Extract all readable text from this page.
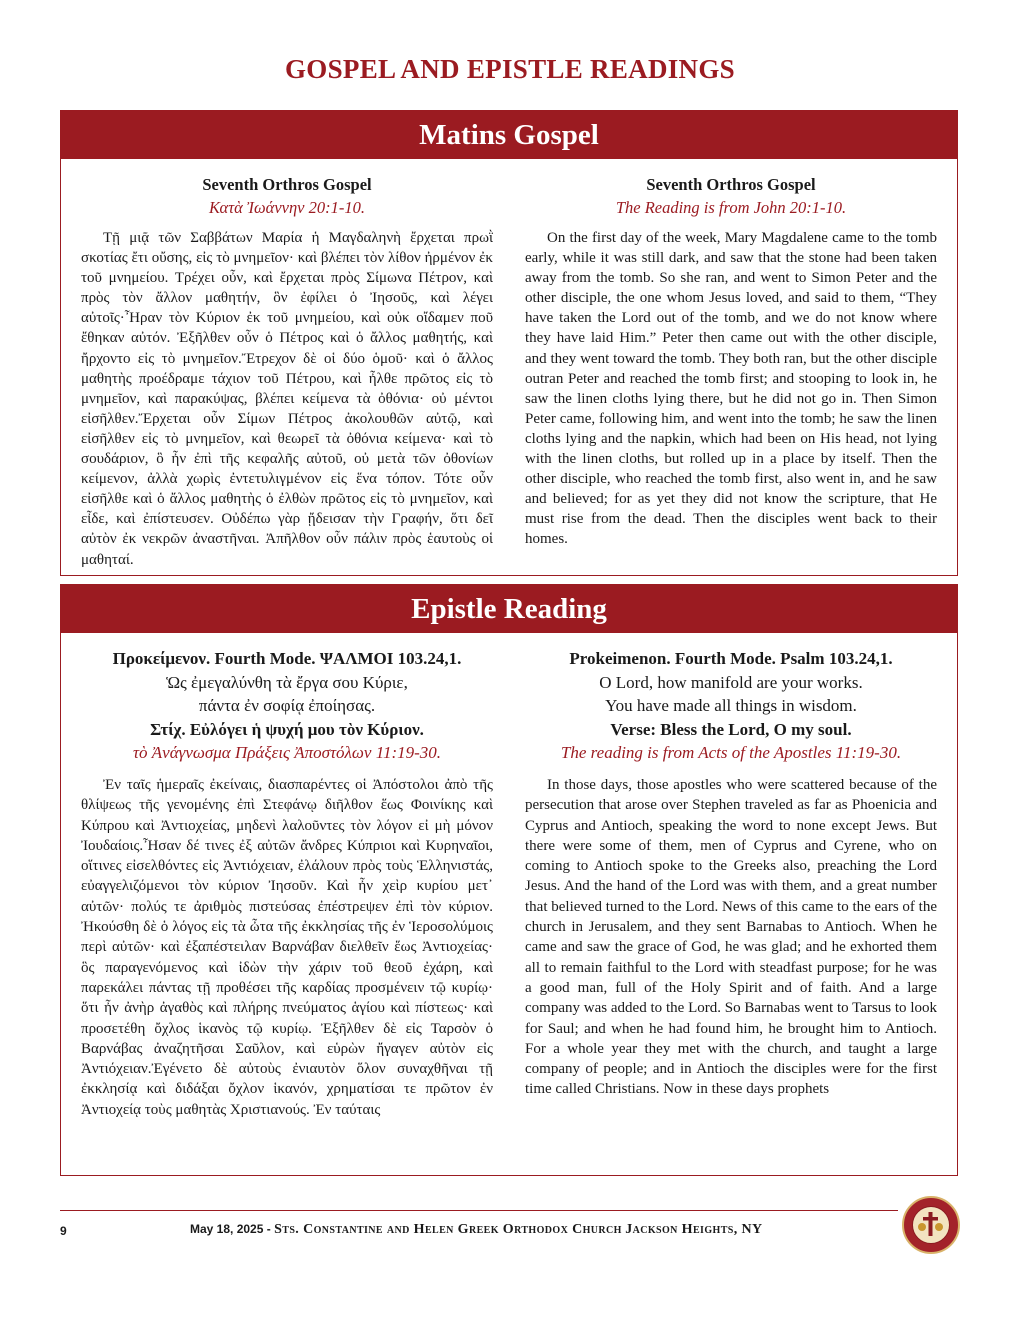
GOSPEL AND EPISTLE READINGS
Matins Gospel
Seventh Orthros Gospel
Κατὰ Ἰωάννην 20:1-10.
Τῇ μιᾷ τῶν Σαββάτων Μαρία ἡ Μαγδαληνὴ ἔρχεται πρωῒ σκοτίας ἔτι οὔσης, εἰς τὸ μνημεῖον· καὶ βλέπει τὸν λίθον ἠρμένον ἐκ τοῦ μνημείου. Τρέχει οὖν, καὶ ἔρχεται πρὸς Σίμωνα Πέτρον, καὶ πρὸς τὸν ἄλλον μαθητήν, ὃν ἐφίλει ὁ Ἰησοῦς, καὶ λέγει αὐτοῖς·Ἦραν τὸν Κύριον ἐκ τοῦ μνημείου, καὶ οὐκ οἴδαμεν ποῦ ἔθηκαν αὐτόν. Ἐξῆλθεν οὖν ὁ Πέτρος καὶ ὁ ἄλλος μαθητής, καὶ ἤρχοντο εἰς τὸ μνημεῖον.Ἔτρεχον δὲ οἱ δύο ὁμοῦ· καὶ ὁ ἄλλος μαθητὴς προέδραμε τάχιον τοῦ Πέτρου, καὶ ἦλθε πρῶτος εἰς τὸ μνημεῖον, καὶ παρακύψας, βλέπει κείμενα τὰ ὀθόνια· οὐ μέντοι εἰσῆλθεν.Ἔρχεται οὖν Σίμων Πέτρος ἀκολουθῶν αὐτῷ, καὶ εἰσῆλθεν εἰς τὸ μνημεῖον, καὶ θεωρεῖ τὰ ὀθόνια κείμενα· καὶ τὸ σουδάριον, ὃ ἦν ἐπὶ τῆς κεφαλῆς αὐτοῦ, οὐ μετὰ τῶν ὀθονίων κείμενον, ἀλλὰ χωρὶς ἐντετυλιγμένον εἰς ἕνα τόπον. Τότε οὖν εἰσῆλθε καὶ ὁ ἄλλος μαθητὴς ὁ ἐλθὼν πρῶτος εἰς τὸ μνημεῖον, καὶ εἶδε, καὶ ἐπίστευσεν. Οὐδέπω γὰρ ᾔδεισαν τὴν Γραφήν, ὅτι δεῖ αὐτὸν ἐκ νεκρῶν ἀναστῆναι. Ἀπῆλθον οὖν πάλιν πρὸς ἑαυτοὺς οἱ μαθηταί.
Seventh Orthros Gospel
The Reading is from John 20:1-10.
On the first day of the week, Mary Magdalene came to the tomb early, while it was still dark, and saw that the stone had been taken away from the tomb. So she ran, and went to Simon Peter and the other disciple, the one whom Jesus loved, and said to them, “They have taken the Lord out of the tomb, and we do not know where they have laid Him.” Peter then came out with the other disciple, and they went toward the tomb. They both ran, but the other disciple outran Peter and reached the tomb first; and stooping to look in, he saw the linen cloths lying there, but he did not go in. Then Simon Peter came, following him, and went into the tomb; he saw the linen cloths lying and the napkin, which had been on His head, not lying with the linen cloths, but rolled up in a place by itself. Then the other disciple, who reached the tomb first, also went in, and he saw and believed; for as yet they did not know the scripture, that He must rise from the dead. Then the disciples went back to their homes.
Epistle Reading
Προκείμενον. Fourth Mode. ΨΑΛΜΟΙ 103.24,1.
Ὡς ἐμεγαλύνθη τὰ ἔργα σου Κύριε,
πάντα ἐν σοφίᾳ ἐποίησας.
Στίχ. Εὐλόγει ἡ ψυχή μου τὸν Κύριον.
τὸ Ἀνάγνωσμα Πράξεις Ἀποστόλων 11:19-30.
Ἐν ταῖς ἡμεραῖς ἐκείναις, διασπαρέντες οἱ Ἀπόστολοι ἀπὸ τῆς θλίψεως τῆς γενομένης ἐπὶ Στεφάνῳ διῆλθον ἕως Φοινίκης καὶ Κύπρου καὶ Ἀντιοχείας, μηδενὶ λαλοῦντες τὸν λόγον εἰ μὴ μόνον Ἰουδαίοις.Ἦσαν δέ τινες ἐξ αὐτῶν ἄνδρες Κύπριοι καὶ Κυρηναῖοι, οἵτινες εἰσελθόντες εἰς Ἀντιόχειαν, ἐλάλουν πρὸς τοὺς Ἑλληνιστάς, εὐαγγελιζόμενοι τὸν κύριον Ἰησοῦν. Καὶ ἦν χεὶρ κυρίου μετ᾽ αὐτῶν· πολύς τε ἀριθμὸς πιστεύσας ἐπέστρεψεν ἐπὶ τὸν κύριον. Ἠκούσθη δὲ ὁ λόγος εἰς τὰ ὦτα τῆς ἐκκλησίας τῆς ἐν Ἱεροσολύμοις περὶ αὐτῶν· καὶ ἐξαπέστειλαν Βαρνάβαν διελθεῖν ἕως Ἀντιοχείας· ὃς παραγενόμενος καὶ ἰδὼν τὴν χάριν τοῦ θεοῦ ἐχάρη, καὶ παρεκάλει πάντας τῇ προθέσει τῆς καρδίας προσμένειν τῷ κυρίῳ· ὅτι ἦν ἀνὴρ ἀγαθὸς καὶ πλήρης πνεύματος ἁγίου καὶ πίστεως· καὶ προσετέθη ὄχλος ἱκανὸς τῷ κυρίῳ. Ἐξῆλθεν δὲ εἰς Ταρσὸν ὁ Βαρνάβας ἀναζητῆσαι Σαῦλον, καὶ εὑρὼν ἤγαγεν αὐτὸν εἰς Ἀντιόχειαν.Ἐγένετο δὲ αὐτοὺς ἐνιαυτὸν ὅλον συναχθῆναι τῇ ἐκκλησίᾳ καὶ διδάξαι ὄχλον ἱκανόν, χρηματίσαι τε πρῶτον ἐν Ἀντιοχείᾳ τοὺς μαθητὰς Χριστιανούς. Ἐν ταύταις
Prokeimenon. Fourth Mode. Psalm 103.24,1.
O Lord, how manifold are your works.
You have made all things in wisdom.
Verse: Bless the Lord, O my soul.
The reading is from Acts of the Apostles 11:19-30.
In those days, those apostles who were scattered because of the persecution that arose over Stephen traveled as far as Phoenicia and Cyprus and Antioch, speaking the word to none except Jews. But there were some of them, men of Cyprus and Cyrene, who on coming to Antioch spoke to the Greeks also, preaching the Lord Jesus. And the hand of the Lord was with them, and a great number that believed turned to the Lord. News of this came to the ears of the church in Jerusalem, and they sent Barnabas to Antioch. When he came and saw the grace of God, he was glad; and he exhorted them all to remain faithful to the Lord with steadfast purpose; for he was a good man, full of the Holy Spirit and of faith. And a large company was added to the Lord. So Barnabas went to Tarsus to look for Saul; and when he had found him, he brought him to Antioch. For a whole year they met with the church, and taught a large company of people; and in Antioch the disciples were for the first time called Christians. Now in these days prophets
9	May 18, 2025 - Sts. Constantine and Helen Greek Orthodox Church Jackson Heights, NY
